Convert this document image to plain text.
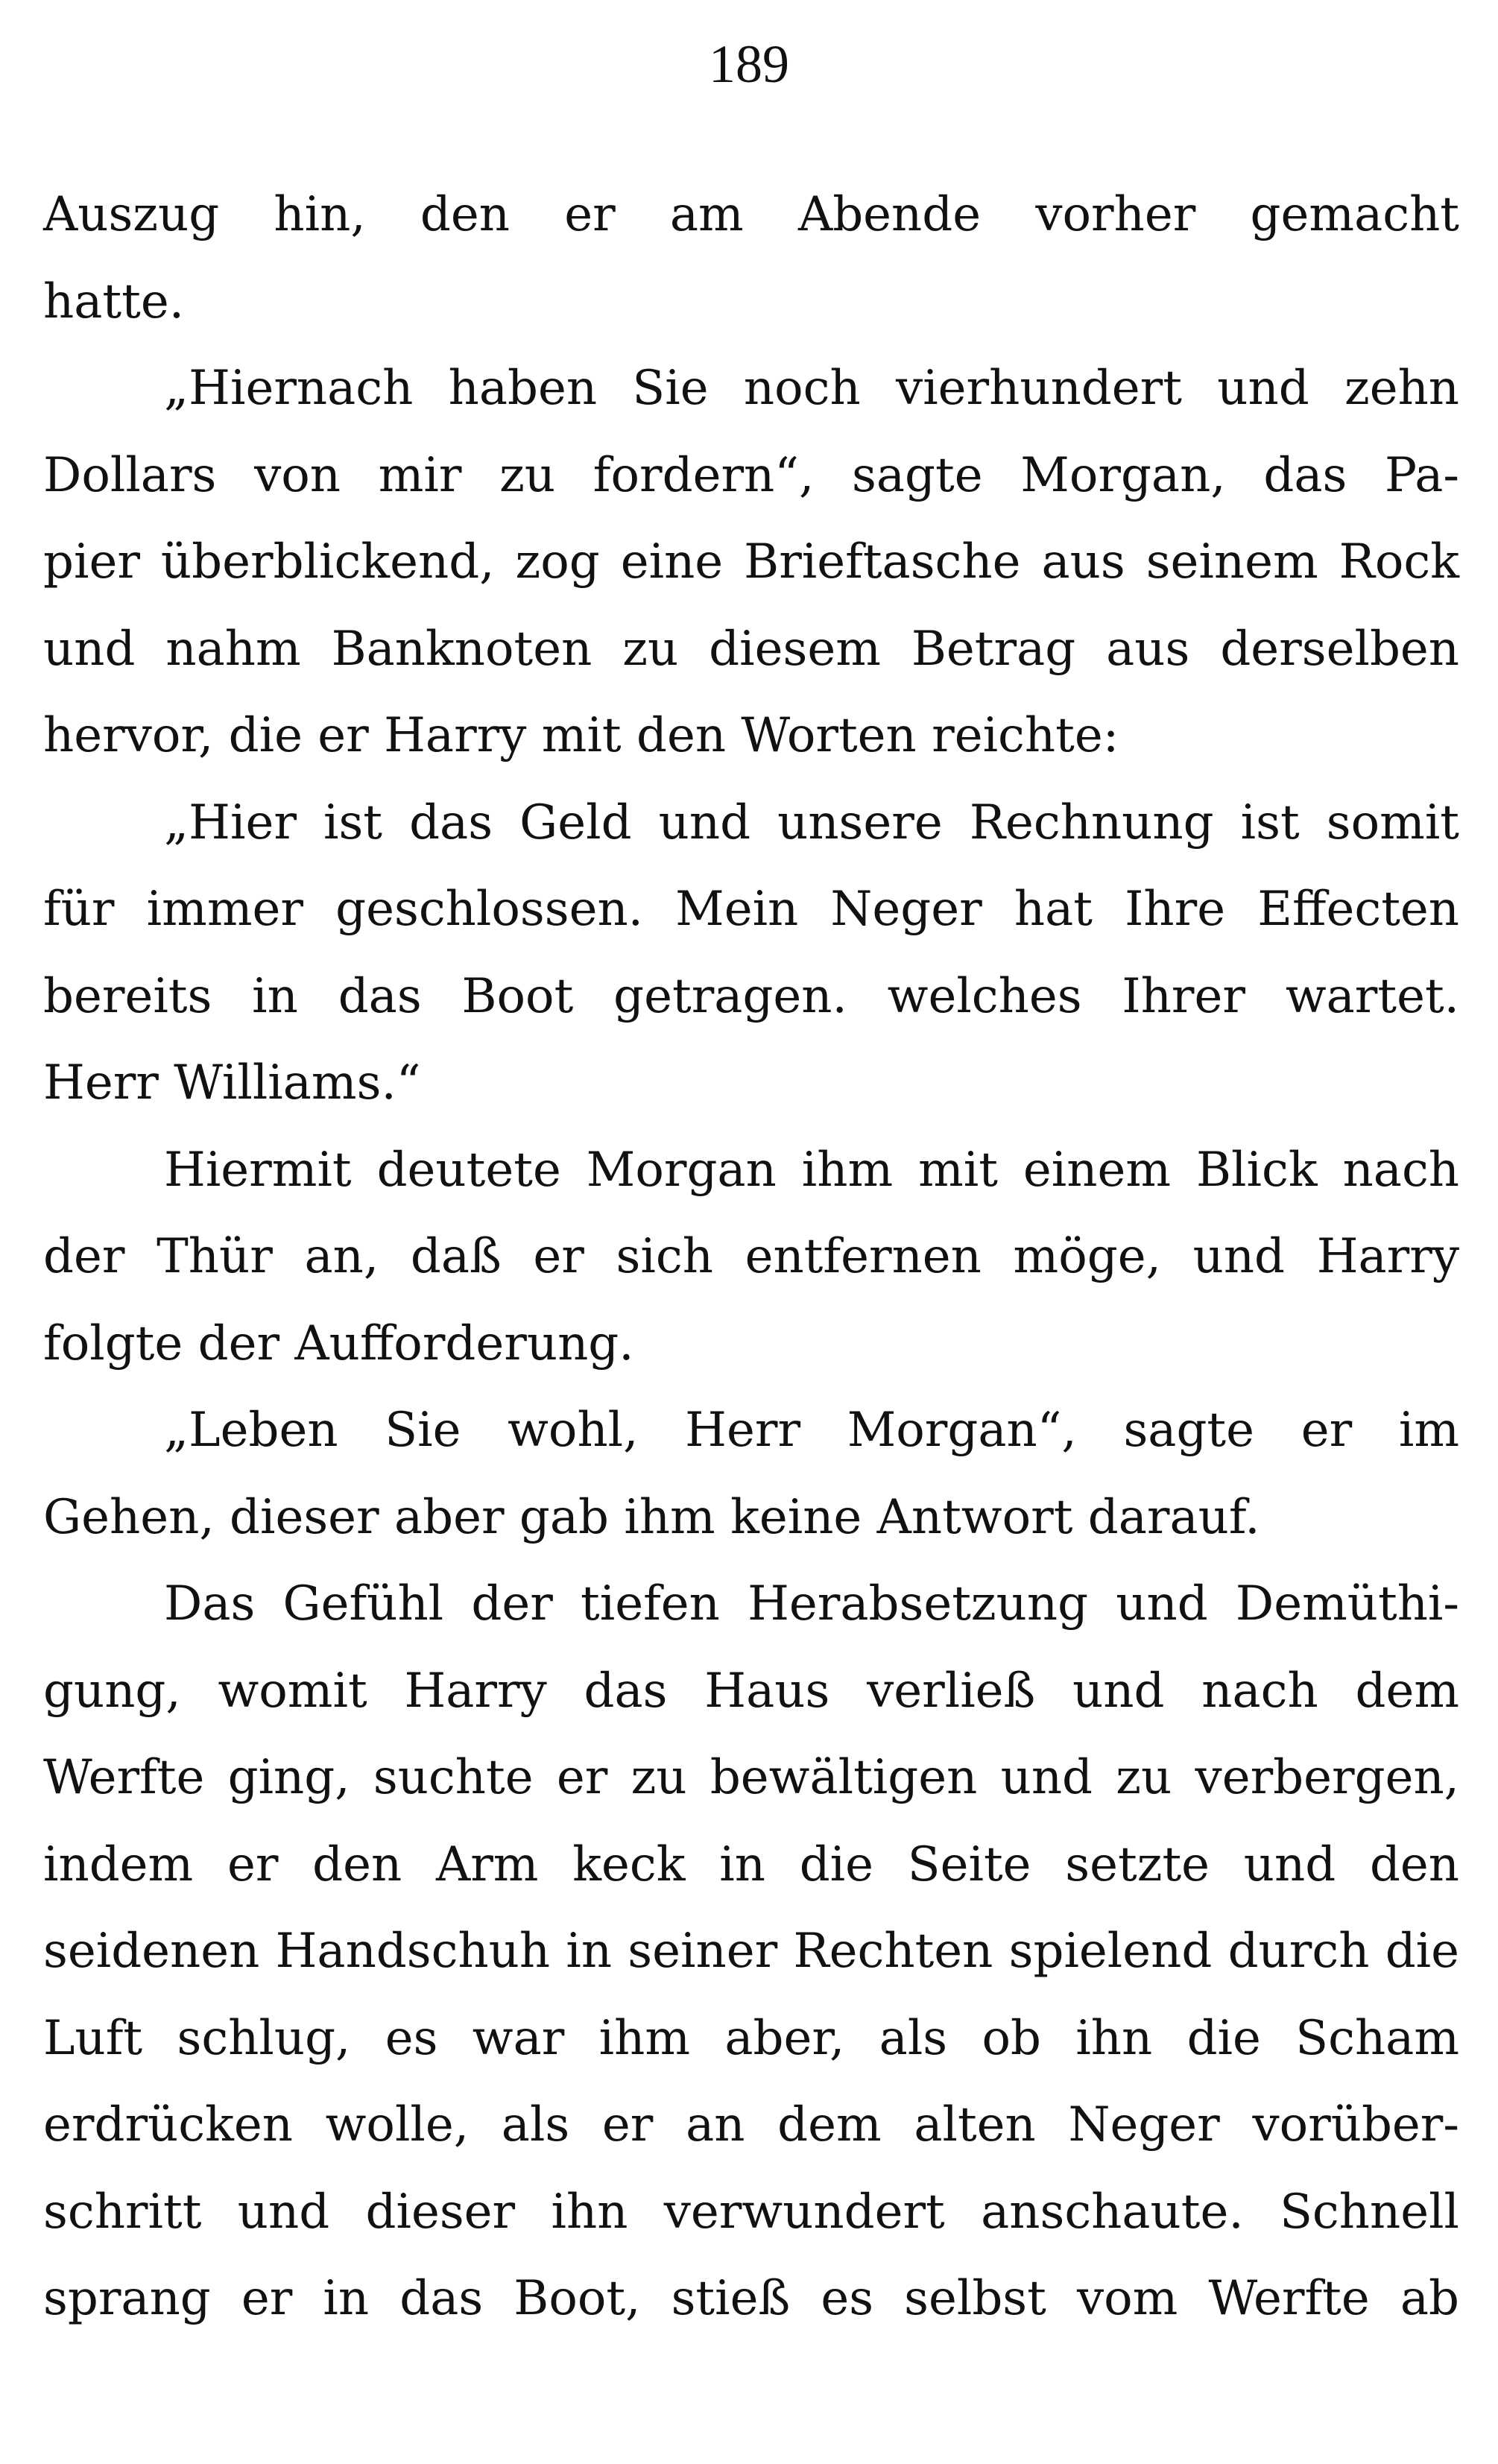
189
Auszug hin, den er am Abende vorher gemacht
hatte.
„Hiernach haben Sie noch vierhundert und zehn
Dollars von mir zu fordern“, sagte Morgan, das Pa-
pier überblickend, zog eine Brieftasche aus seinem Rock
und nahm Banknoten zu diesem Betrag aus derselben
hervor, die er Harry mit den Worten reichte:
„Hier ist das Geld und unsere Rechnung ist somit
für immer geschlossen. Mein Neger hat Ihre Effecten
bereits in das Boot getragen. welches Ihrer wartet.
Herr Williams.“
Hiermit deutete Morgan ihm mit einem Blick nach
der Thür an, daß er sich entfernen möge, und Harry
folgte der Aufforderung.
„Leben Sie wohl, Herr Morgan“, sagte er im
Gehen, dieser aber gab ihm keine Antwort darauf.
Das Gefühl der tiefen Herabsetzung und Demüthi-
gung, womit Harry das Haus verließ und nach dem
Werfte ging, suchte er zu bewältigen und zu verbergen,
indem er den Arm keck in die Seite setzte und den
seidenen Handschuh in seiner Rechten spielend durch die
Luft schlug, es war ihm aber, als ob ihn die Scham
erdrücken wolle, als er an dem alten Neger vorüber-
schritt und dieser ihn verwundert anschaute. Schnell
sprang er in das Boot, stieß es selbst vom Werfte ab
